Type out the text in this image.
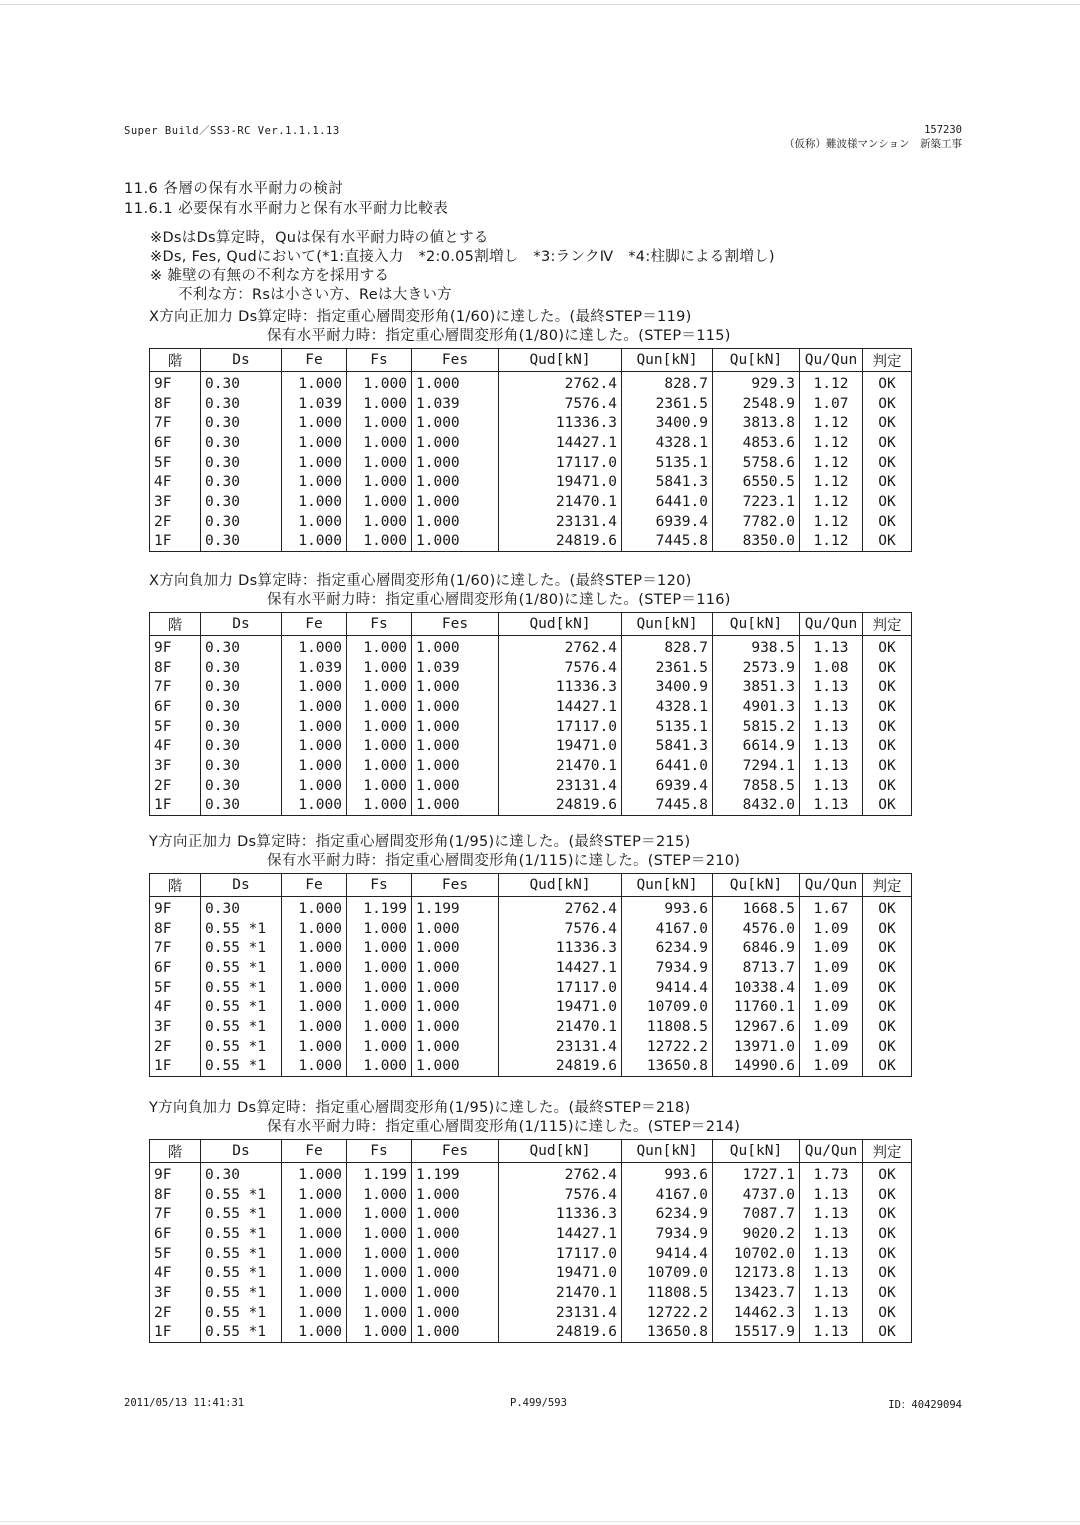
Super Build／SS3-RC Ver.1.1.1.13	157230
（仮称）難波様マンション　新築工事
11.6 各層の保有水平耐力の検討
11.6.1 必要保有水平耐力と保有水平耐力比較表
※DsはDs算定時，Quは保有水平耐力時の値とする
※Ds, Fes, Qudにおいて(*1:直接入力　*2:0.05割増し　*3:ランクⅣ　*4:柱脚による割増し)
※ 雑壁の有無の不利な方を採用する
不利な方：Rsは小さい方、Reは大きい方
X方向正加力 Ds算定時：指定重心層間変形角(1/60)に達した。(最終STEP＝119)
保有水平耐力時：指定重心層間変形角(1/80)に達した。(STEP＝115)
階	Ds	Fe	Fs	Fes	Qud[kN]	Qun[kN]	Qu[kN]	Qu/Qun	判定
9F	0.30	1.000	1.000	1.000	2762.4	828.7	929.3	1.12	OK
8F	0.30	1.039	1.000	1.039	7576.4	2361.5	2548.9	1.07	OK
7F	0.30	1.000	1.000	1.000	11336.3	3400.9	3813.8	1.12	OK
6F	0.30	1.000	1.000	1.000	14427.1	4328.1	4853.6	1.12	OK
5F	0.30	1.000	1.000	1.000	17117.0	5135.1	5758.6	1.12	OK
4F	0.30	1.000	1.000	1.000	19471.0	5841.3	6550.5	1.12	OK
3F	0.30	1.000	1.000	1.000	21470.1	6441.0	7223.1	1.12	OK
2F	0.30	1.000	1.000	1.000	23131.4	6939.4	7782.0	1.12	OK
1F	0.30	1.000	1.000	1.000	24819.6	7445.8	8350.0	1.12	OK
X方向負加力 Ds算定時：指定重心層間変形角(1/60)に達した。(最終STEP＝120)
保有水平耐力時：指定重心層間変形角(1/80)に達した。(STEP＝116)
階	Ds	Fe	Fs	Fes	Qud[kN]	Qun[kN]	Qu[kN]	Qu/Qun	判定
9F	0.30	1.000	1.000	1.000	2762.4	828.7	938.5	1.13	OK
8F	0.30	1.039	1.000	1.039	7576.4	2361.5	2573.9	1.08	OK
7F	0.30	1.000	1.000	1.000	11336.3	3400.9	3851.3	1.13	OK
6F	0.30	1.000	1.000	1.000	14427.1	4328.1	4901.3	1.13	OK
5F	0.30	1.000	1.000	1.000	17117.0	5135.1	5815.2	1.13	OK
4F	0.30	1.000	1.000	1.000	19471.0	5841.3	6614.9	1.13	OK
3F	0.30	1.000	1.000	1.000	21470.1	6441.0	7294.1	1.13	OK
2F	0.30	1.000	1.000	1.000	23131.4	6939.4	7858.5	1.13	OK
1F	0.30	1.000	1.000	1.000	24819.6	7445.8	8432.0	1.13	OK
Y方向正加力 Ds算定時：指定重心層間変形角(1/95)に達した。(最終STEP＝215)
保有水平耐力時：指定重心層間変形角(1/115)に達した。(STEP＝210)
階	Ds	Fe	Fs	Fes	Qud[kN]	Qun[kN]	Qu[kN]	Qu/Qun	判定
9F	0.30	1.000	1.199	1.199	2762.4	993.6	1668.5	1.67	OK
8F	0.55 *1	1.000	1.000	1.000	7576.4	4167.0	4576.0	1.09	OK
7F	0.55 *1	1.000	1.000	1.000	11336.3	6234.9	6846.9	1.09	OK
6F	0.55 *1	1.000	1.000	1.000	14427.1	7934.9	8713.7	1.09	OK
5F	0.55 *1	1.000	1.000	1.000	17117.0	9414.4	10338.4	1.09	OK
4F	0.55 *1	1.000	1.000	1.000	19471.0	10709.0	11760.1	1.09	OK
3F	0.55 *1	1.000	1.000	1.000	21470.1	11808.5	12967.6	1.09	OK
2F	0.55 *1	1.000	1.000	1.000	23131.4	12722.2	13971.0	1.09	OK
1F	0.55 *1	1.000	1.000	1.000	24819.6	13650.8	14990.6	1.09	OK
Y方向負加力 Ds算定時：指定重心層間変形角(1/95)に達した。(最終STEP＝218)
保有水平耐力時：指定重心層間変形角(1/115)に達した。(STEP＝214)
階	Ds	Fe	Fs	Fes	Qud[kN]	Qun[kN]	Qu[kN]	Qu/Qun	判定
9F	0.30	1.000	1.199	1.199	2762.4	993.6	1727.1	1.73	OK
8F	0.55 *1	1.000	1.000	1.000	7576.4	4167.0	4737.0	1.13	OK
7F	0.55 *1	1.000	1.000	1.000	11336.3	6234.9	7087.7	1.13	OK
6F	0.55 *1	1.000	1.000	1.000	14427.1	7934.9	9020.2	1.13	OK
5F	0.55 *1	1.000	1.000	1.000	17117.0	9414.4	10702.0	1.13	OK
4F	0.55 *1	1.000	1.000	1.000	19471.0	10709.0	12173.8	1.13	OK
3F	0.55 *1	1.000	1.000	1.000	21470.1	11808.5	13423.7	1.13	OK
2F	0.55 *1	1.000	1.000	1.000	23131.4	12722.2	14462.3	1.13	OK
1F	0.55 *1	1.000	1.000	1.000	24819.6	13650.8	15517.9	1.13	OK
2011/05/13 11:41:31	P.499/593	ID：40429094
